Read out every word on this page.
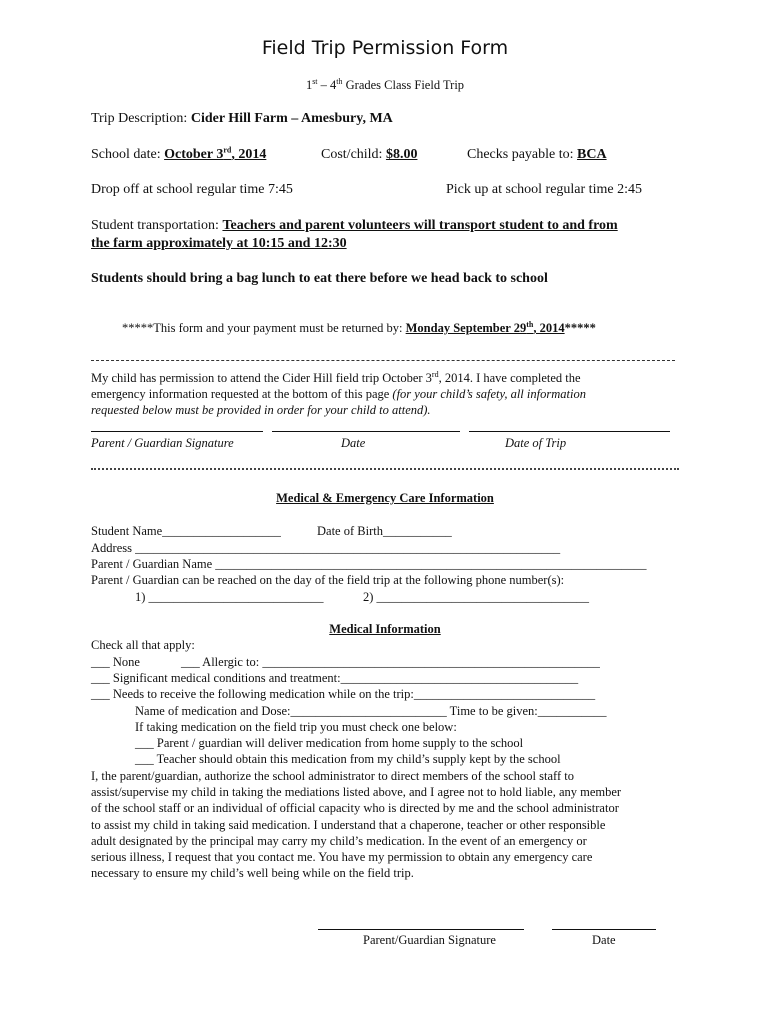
Field Trip Permission Form
1st – 4th Grades Class Field Trip
Trip Description: Cider Hill Farm – Amesbury, MA
School date: October 3rd, 2014	Cost/child: $8.00	Checks payable to: BCA
Drop off at school regular time 7:45	Pick up at school regular time 2:45
Student transportation: Teachers and parent volunteers will transport student to and from
the farm approximately at 10:15 and 12:30
Students should bring a bag lunch to eat there before we head back to school
*****This form and your payment must be returned by: Monday September 29th, 2014*****
My child has permission to attend the Cider Hill field trip October 3rd, 2014. I have completed the
emergency information requested at the bottom of this page (for your child’s safety, all information
requested below must be provided in order for your child to attend).
Parent / Guardian Signature	Date	Date of Trip
Medical & Emergency Care Information
Student Name___________________	Date of Birth___________
Address ____________________________________________________________________
Parent / Guardian Name _____________________________________________________________________
Parent / Guardian can be reached on the day of the field trip at the following phone number(s):
1) ____________________________	2) __________________________________
Medical Information
Check all that apply:
___ None	___ Allergic to: ______________________________________________________
___ Significant medical conditions and treatment:______________________________________
___ Needs to receive the following medication while on the trip:_____________________________
Name of medication and Dose:_________________________ Time to be given:___________
If taking medication on the field trip you must check one below:
___ Parent / guardian will deliver medication from home supply to the school
___ Teacher should obtain this medication from my child’s supply kept by the school
I, the parent/guardian, authorize the school administrator to direct members of the school staff to
assist/supervise my child in taking the mediations listed above, and I agree not to hold liable, any member
of the school staff or an individual of official capacity who is directed by me and the school administrator
to assist my child in taking said medication. I understand that a chaperone, teacher or other responsible
adult designated by the principal may carry my child’s medication. In the event of an emergency or
serious illness, I request that you contact me. You have my permission to obtain any emergency care
necessary to ensure my child’s well being while on the field trip.
Parent/Guardian Signature	Date
